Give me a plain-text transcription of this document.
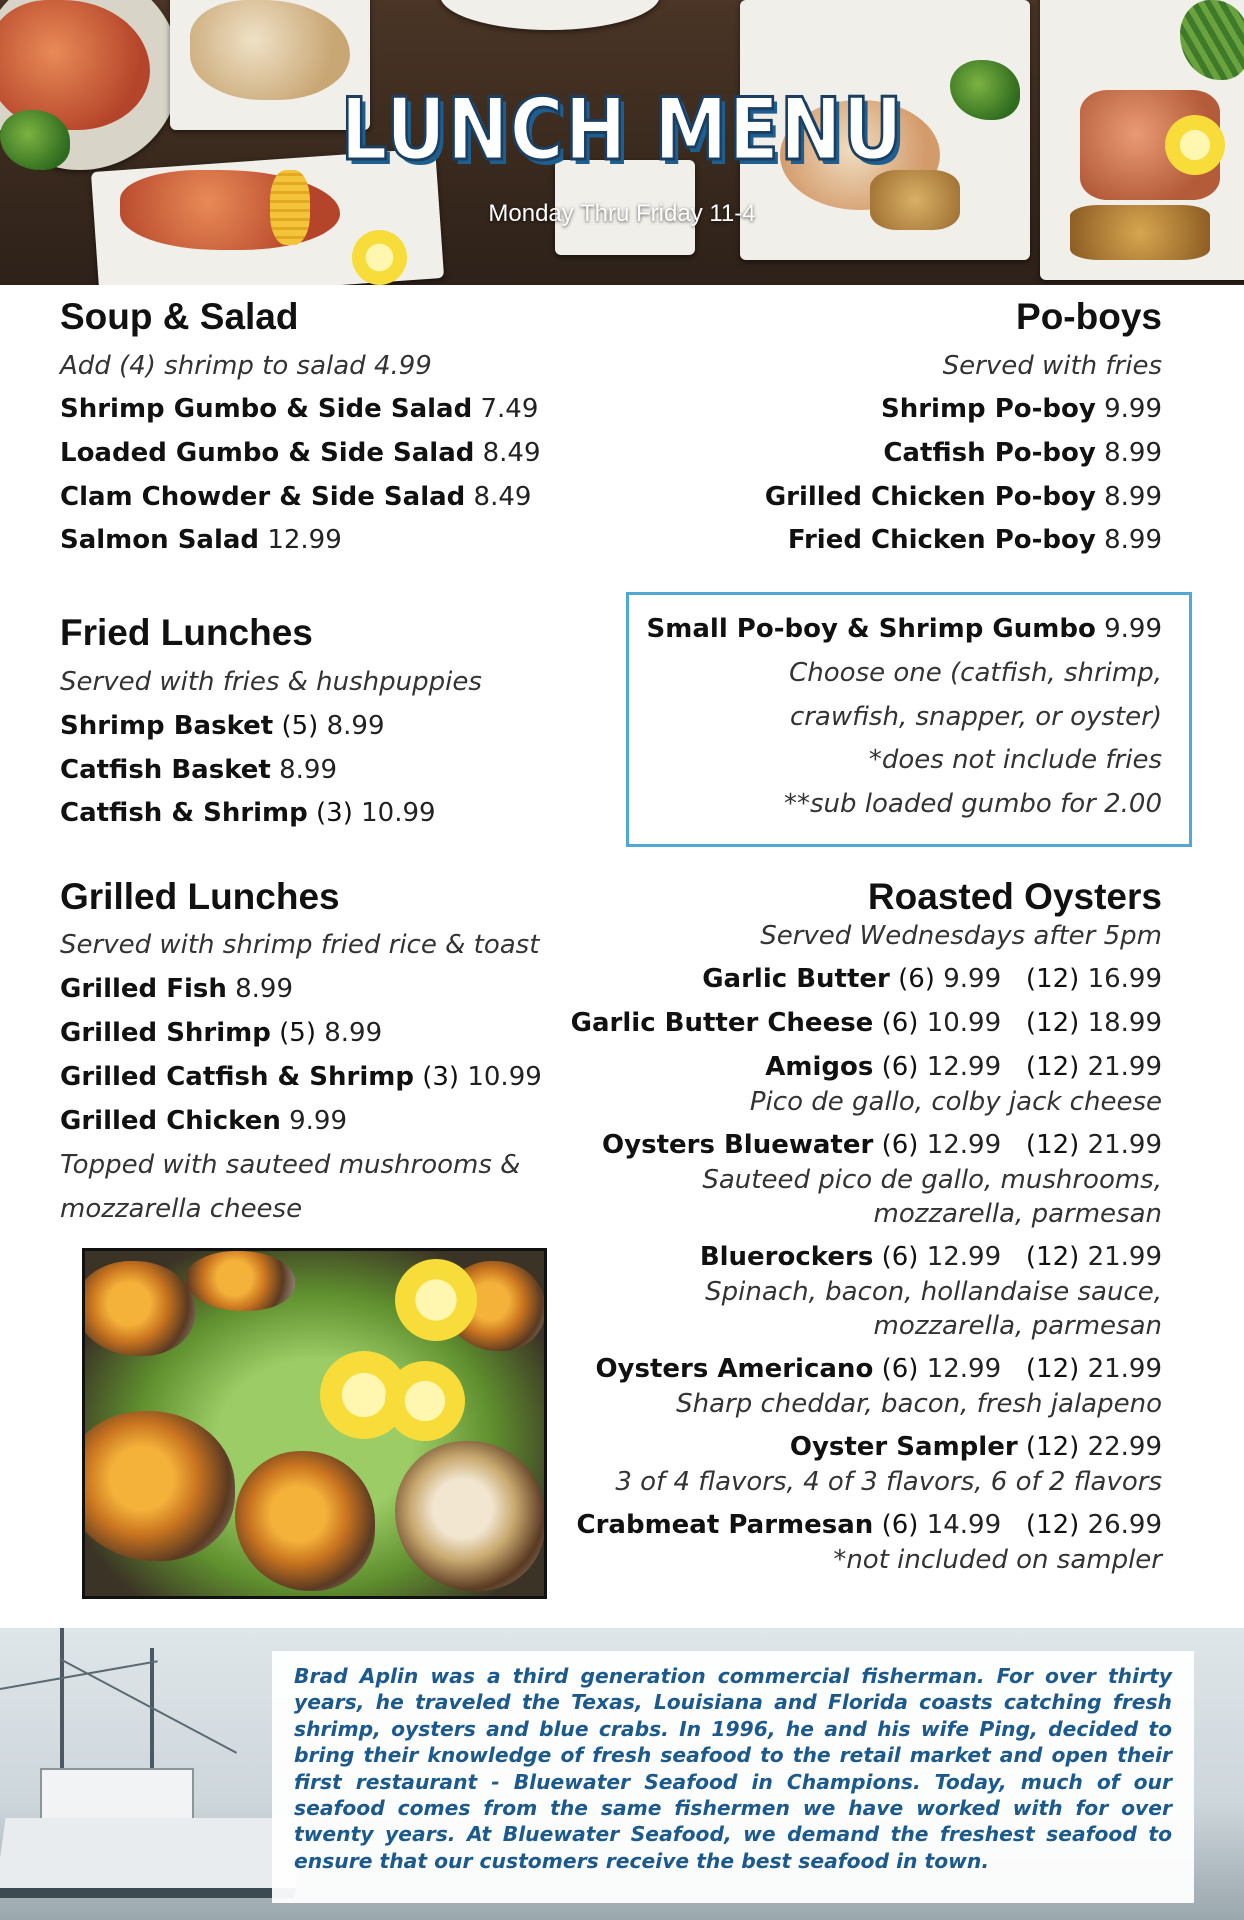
LUNCH MENU
Monday Thru Friday 11-4
Soup & Salad
Add (4) shrimp to salad 4.99
Shrimp Gumbo & Side Salad 7.49
Loaded Gumbo & Side Salad 8.49
Clam Chowder & Side Salad 8.49
Salmon Salad 12.99
Po-boys
Served with fries
Shrimp Po-boy 9.99
Catfish Po-boy 8.99
Grilled Chicken Po-boy 8.99
Fried Chicken Po-boy 8.99
Small Po-boy & Shrimp Gumbo 9.99
Choose one (catfish, shrimp,
crawfish, snapper, or oyster)
*does not include fries
**sub loaded gumbo for 2.00
Fried Lunches
Served with fries & hushpuppies
Shrimp Basket (5) 8.99
Catfish Basket 8.99
Catfish & Shrimp (3) 10.99
Grilled Lunches
Served with shrimp fried rice & toast
Grilled Fish 8.99
Grilled Shrimp (5) 8.99
Grilled Catfish & Shrimp (3) 10.99
Grilled Chicken 9.99
Topped with sauteed mushrooms &
mozzarella cheese
Roasted Oysters
Served Wednesdays after 5pm
Garlic Butter (6) 9.99 (12) 16.99
Garlic Butter Cheese (6) 10.99 (12) 18.99
Amigos (6) 12.99 (12) 21.99
Pico de gallo, colby jack cheese
Oysters Bluewater (6) 12.99 (12) 21.99
Sauteed pico de gallo, mushrooms,
mozzarella, parmesan
Bluerockers (6) 12.99 (12) 21.99
Spinach, bacon, hollandaise sauce,
mozzarella, parmesan
Oysters Americano (6) 12.99 (12) 21.99
Sharp cheddar, bacon, fresh jalapeno
Oyster Sampler (12) 22.99
3 of 4 flavors, 4 of 3 flavors, 6 of 2 flavors
Crabmeat Parmesan (6) 14.99 (12) 26.99
*not included on sampler

Brad Aplin was a third generation commercial fisherman. For over thirty years, he traveled the Texas, Louisiana and Florida coasts catching fresh shrimp, oysters and blue crabs. In 1996, he and his wife Ping, decided to bring their knowledge of fresh seafood to the retail market and open their first restaurant - Bluewater Seafood in Champions. Today, much of our seafood comes from the same fishermen we have worked with for over twenty years. At Bluewater Seafood, we demand the freshest seafood to ensure that our customers receive the best seafood in town.
